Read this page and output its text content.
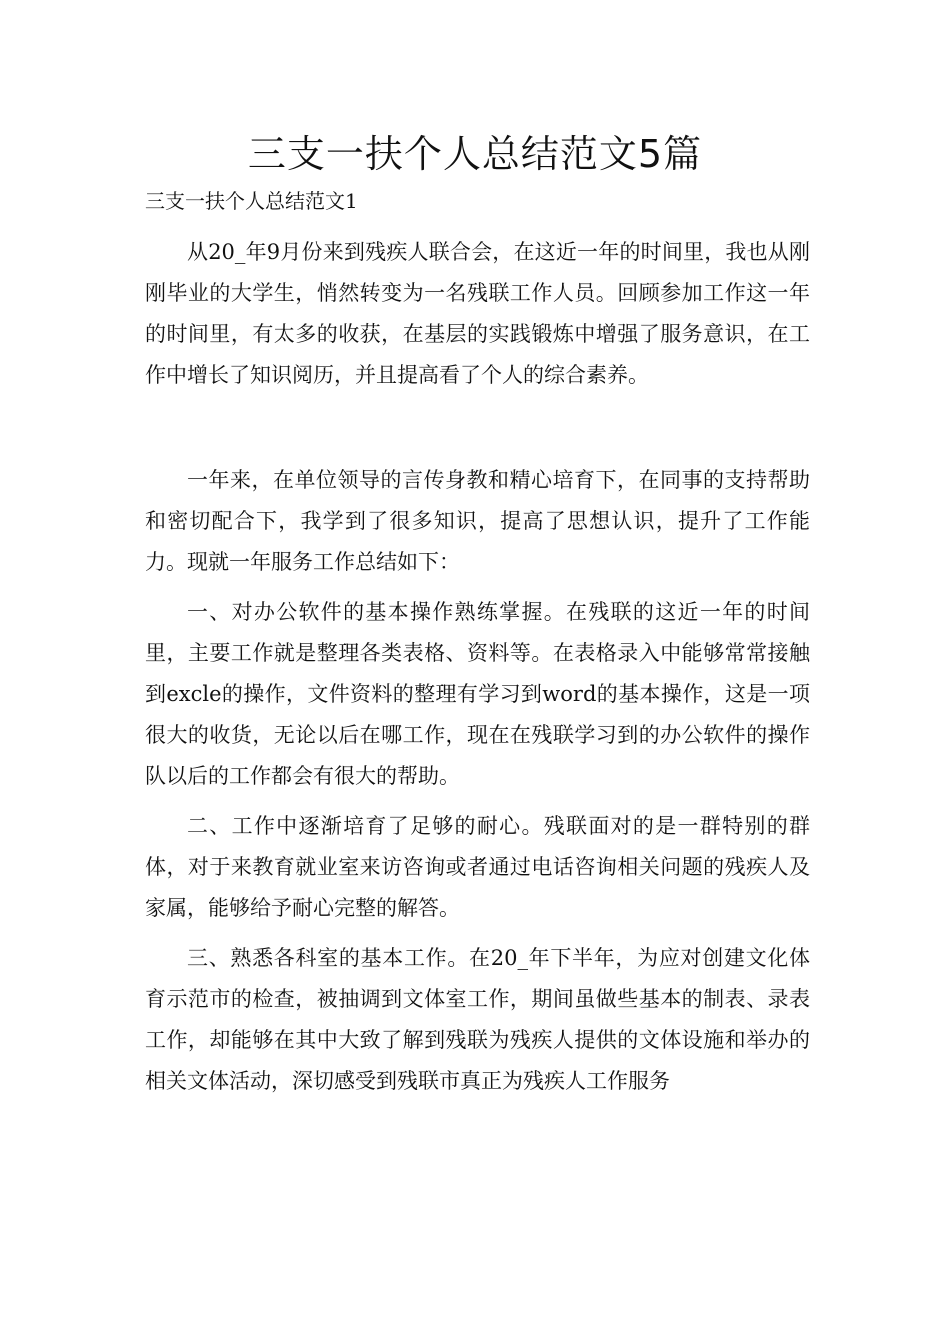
三支一扶个人总结范文5篇

三支一扶个人总结范文1

从20_年9月份来到残疾人联合会，在这近一年的时间里，我也从刚刚毕业的大学生，悄然转变为一名残联工作人员。回顾参加工作这一年的时间里，有太多的收获，在基层的实践锻炼中增强了服务意识，在工作中增长了知识阅历，并且提高看了个人的综合素养。

一年来，在单位领导的言传身教和精心培育下，在同事的支持帮助和密切配合下，我学到了很多知识，提高了思想认识，提升了工作能力。现就一年服务工作总结如下：

一、对办公软件的基本操作熟练掌握。在残联的这近一年的时间里，主要工作就是整理各类表格、资料等。在表格录入中能够常常接触到excle的操作，文件资料的整理有学习到word的基本操作，这是一项很大的收货，无论以后在哪工作，现在在残联学习到的办公软件的操作队以后的工作都会有很大的帮助。

二、工作中逐渐培育了足够的耐心。残联面对的是一群特别的群体，对于来教育就业室来访咨询或者通过电话咨询相关问题的残疾人及家属，能够给予耐心完整的解答。

三、熟悉各科室的基本工作。在20_年下半年，为应对创建文化体育示范市的检查，被抽调到文体室工作，期间虽做些基本的制表、录表工作，却能够在其中大致了解到残联为残疾人提供的文体设施和举办的相关文体活动，深切感受到残联市真正为残疾人工作服务
